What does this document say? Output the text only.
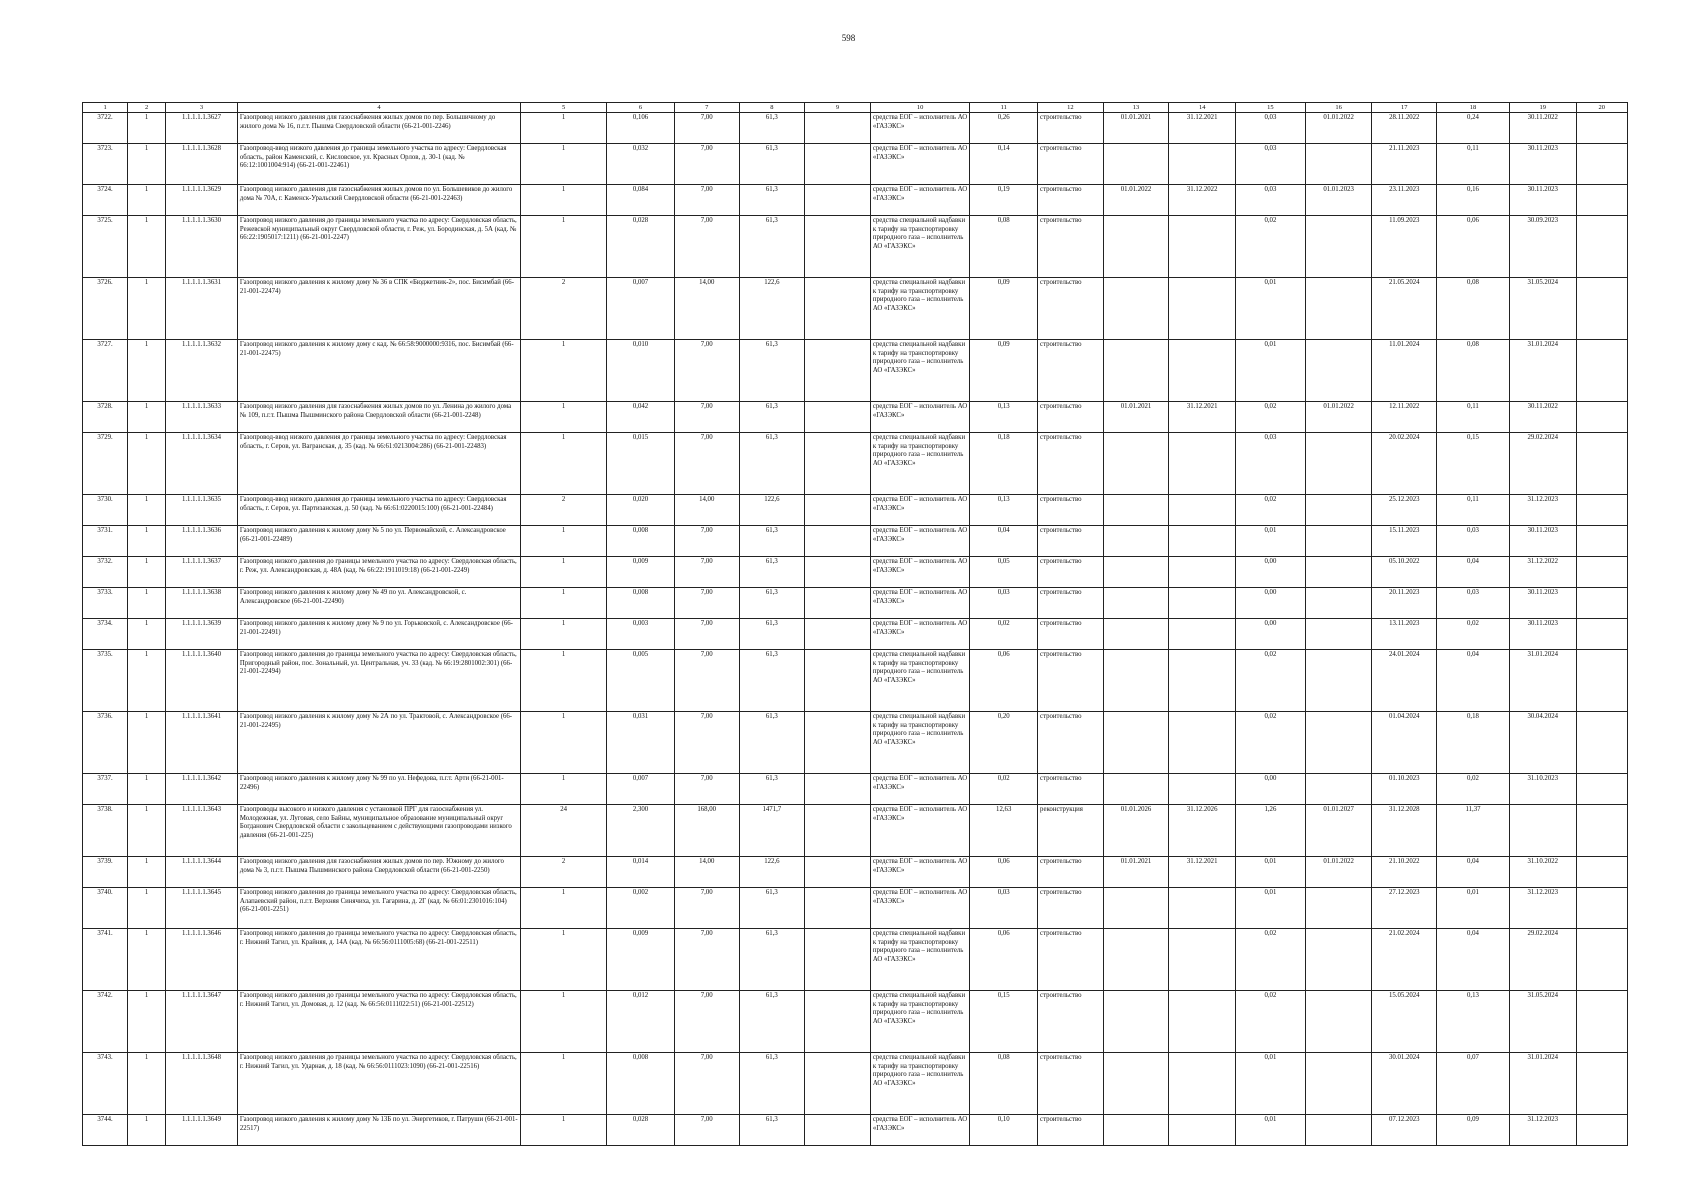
598
1	2	3	4	5	6	7	8	9	10	11	12	13	14	15	16	17	18	19	20
3722.	1	1.1.1.1.1.3627	Газопровод низкого давления для газоснабжения жилых домов по пер. Большичному до жилого дома № 16, п.г.т. Пышма Свердловской области (66-21-001-2246)	1	0,106	7,00	61,3		средства ЕОГ – исполнитель АО «ГАЗЭКС»	0,26	строительство	01.01.2021	31.12.2021	0,03	01.01.2022	28.11.2022	0,24	30.11.2022	
3723.	1	1.1.1.1.1.3628	Газопровод-ввод низкого давления до границы земельного участка по адресу: Свердловская область, район Каменский, с. Кисловское, ул. Красных Орлов, д. 30-1 (кад. № 66:12:1001004:914) (66-21-001-22461)	1	0,032	7,00	61,3		средства ЕОГ – исполнитель АО «ГАЗЭКС»	0,14	строительство			0,03		21.11.2023	0,11	30.11.2023	
3724.	1	1.1.1.1.1.3629	Газопровод низкого давления для газоснабжения жилых домов по ул. Большевиков до жилого дома № 70А, г. Каменск-Уральский Свердловской области (66-21-001-22463)	1	0,084	7,00	61,3		средства ЕОГ – исполнитель АО «ГАЗЭКС»	0,19	строительство	01.01.2022	31.12.2022	0,03	01.01.2023	23.11.2023	0,16	30.11.2023	
3725.	1	1.1.1.1.1.3630	Газопровод низкого давления до границы земельного участка по адресу: Свердловская область, Режевской муниципальный округ Свердловской области, г. Реж, ул. Бородинская, д. 5А (кад. № 66:22:1905017:1211) (66-21-001-2247)	1	0,028	7,00	61,3		средства специальной надбавки к тарифу на транспортировку природного газа – исполнитель АО «ГАЗЭКС»	0,08	строительство			0,02		11.09.2023	0,06	30.09.2023	
3726.	1	1.1.1.1.1.3631	Газопровод низкого давления к жилому дому № 36 в СПК «Бюджетник-2», пос. Бисимбай (66-21-001-22474)	2	0,007	14,00	122,6		средства специальной надбавки к тарифу на транспортировку природного газа – исполнитель АО «ГАЗЭКС»	0,09	строительство			0,01		21.05.2024	0,08	31.05.2024	
3727.	1	1.1.1.1.1.3632	Газопровод низкого давления к жилому дому с кад. № 66:58:9000000:9316, пос. Бисимбай (66-21-001-22475)	1	0,010	7,00	61,3		средства специальной надбавки к тарифу на транспортировку природного газа – исполнитель АО «ГАЗЭКС»	0,09	строительство			0,01		11.01.2024	0,08	31.01.2024	
3728.	1	1.1.1.1.1.3633	Газопровод низкого давления для газоснабжения жилых домов по ул. Ленина до жилого дома № 109, п.г.т. Пышма Пышминского района Свердловской области (66-21-001-2248)	1	0,042	7,00	61,3		средства ЕОГ – исполнитель АО «ГАЗЭКС»	0,13	строительство	01.01.2021	31.12.2021	0,02	01.01.2022	12.11.2022	0,11	30.11.2022	
3729.	1	1.1.1.1.1.3634	Газопровод-ввод низкого давления до границы земельного участка по адресу: Свердловская область, г. Серов, ул. Вагранская, д. 35 (кад. № 66:61:0213004:286) (66-21-001-22483)	1	0,015	7,00	61,3		средства специальной надбавки к тарифу на транспортировку природного газа – исполнитель АО «ГАЗЭКС»	0,18	строительство			0,03		20.02.2024	0,15	29.02.2024	
3730.	1	1.1.1.1.1.3635	Газопровод-ввод низкого давления до границы земельного участка по адресу: Свердловская область, г. Серов, ул. Партизанская, д. 50 (кад. № 66:61:0220015:100) (66-21-001-22484)	2	0,020	14,00	122,6		средства ЕОГ – исполнитель АО «ГАЗЭКС»	0,13	строительство			0,02		25.12.2023	0,11	31.12.2023	
3731.	1	1.1.1.1.1.3636	Газопровод низкого давления к жилому дому № 5 по ул. Первомайской, с. Александровское (66-21-001-22489)	1	0,008	7,00	61,3		средства ЕОГ – исполнитель АО «ГАЗЭКС»	0,04	строительство			0,01		15.11.2023	0,03	30.11.2023	
3732.	1	1.1.1.1.1.3637	Газопровод низкого давления до границы земельного участка по адресу: Свердловская область, г. Реж, ул. Александровская, д. 48А (кад. № 66:22:1911019:18) (66-21-001-2249)	1	0,009	7,00	61,3		средства ЕОГ – исполнитель АО «ГАЗЭКС»	0,05	строительство			0,00		05.10.2022	0,04	31.12.2022	
3733.	1	1.1.1.1.1.3638	Газопровод низкого давления к жилому дому № 49 по ул. Александровской, с. Александровское (66-21-001-22490)	1	0,008	7,00	61,3		средства ЕОГ – исполнитель АО «ГАЗЭКС»	0,03	строительство			0,00		20.11.2023	0,03	30.11.2023	
3734.	1	1.1.1.1.1.3639	Газопровод низкого давления к жилому дому № 9 по ул. Горьковской, с. Александровское (66-21-001-22491)	1	0,003	7,00	61,3		средства ЕОГ – исполнитель АО «ГАЗЭКС»	0,02	строительство			0,00		13.11.2023	0,02	30.11.2023	
3735.	1	1.1.1.1.1.3640	Газопровод низкого давления до границы земельного участка по адресу: Свердловская область, Пригородный район, пос. Зональный, ул. Центральная, уч. 33 (кад. № 66:19:2801002:301) (66-21-001-22494)	1	0,005	7,00	61,3		средства специальной надбавки к тарифу на транспортировку природного газа – исполнитель АО «ГАЗЭКС»	0,06	строительство			0,02		24.01.2024	0,04	31.01.2024	
3736.	1	1.1.1.1.1.3641	Газопровод низкого давления к жилому дому № 2А по ул. Трактовой, с. Александровское (66-21-001-22495)	1	0,031	7,00	61,3		средства специальной надбавки к тарифу на транспортировку природного газа – исполнитель АО «ГАЗЭКС»	0,20	строительство			0,02		01.04.2024	0,18	30.04.2024	
3737.	1	1.1.1.1.1.3642	Газопровод низкого давления к жилому дому № 99 по ул. Нефедова, п.г.т. Арти (66-21-001-22496)	1	0,007	7,00	61,3		средства ЕОГ – исполнитель АО «ГАЗЭКС»	0,02	строительство			0,00		01.10.2023	0,02	31.10.2023	
3738.	1	1.1.1.1.1.3643	Газопроводы высокого и низкого давления с установкой ПРГ для газоснабжения ул. Молодежная, ул. Луговая, село Байны, муниципальное образование муниципальный округ Богданович Свердловской области с закольцеванием с действующими газопроводами низкого давления (66-21-001-225)	24	2,300	168,00	1471,7		средства ЕОГ – исполнитель АО «ГАЗЭКС»	12,63	реконструкция	01.01.2026	31.12.2026	1,26	01.01.2027	31.12.2028	11,37		
3739.	1	1.1.1.1.1.3644	Газопровод низкого давления для газоснабжения жилых домов по пер. Южному до жилого дома № 3, п.г.т. Пышма Пышминского района Свердловской области (66-21-001-2250)	2	0,014	14,00	122,6		средства ЕОГ – исполнитель АО «ГАЗЭКС»	0,06	строительство	01.01.2021	31.12.2021	0,01	01.01.2022	21.10.2022	0,04	31.10.2022	
3740.	1	1.1.1.1.1.3645	Газопровод низкого давления до границы земельного участка по адресу: Свердловская область, Алапаевский район, п.г.т. Верхняя Синячиха, ул. Гагарина, д. 2Г (кад. № 66:01:2301016:104) (66-21-001-2251)	1	0,002	7,00	61,3		средства ЕОГ – исполнитель АО «ГАЗЭКС»	0,03	строительство			0,01		27.12.2023	0,01	31.12.2023	
3741.	1	1.1.1.1.1.3646	Газопровод низкого давления до границы земельного участка по адресу: Свердловская область, г. Нижний Тагил, ул. Крайняя, д. 14А (кад. № 66:56:0111005:68) (66-21-001-22511)	1	0,009	7,00	61,3		средства специальной надбавки к тарифу на транспортировку природного газа – исполнитель АО «ГАЗЭКС»	0,06	строительство			0,02		21.02.2024	0,04	29.02.2024	
3742.	1	1.1.1.1.1.3647	Газопровод низкого давления до границы земельного участка по адресу: Свердловская область, г. Нижний Тагил, ул. Домовая, д. 12 (кад. № 66:56:0111022:51) (66-21-001-22512)	1	0,012	7,00	61,3		средства специальной надбавки к тарифу на транспортировку природного газа – исполнитель АО «ГАЗЭКС»	0,15	строительство			0,02		15.05.2024	0,13	31.05.2024	
3743.	1	1.1.1.1.1.3648	Газопровод низкого давления до границы земельного участка по адресу: Свердловская область, г. Нижний Тагил, ул. Ударная, д. 18 (кад. № 66:56:0111023:1090) (66-21-001-22516)	1	0,008	7,00	61,3		средства специальной надбавки к тарифу на транспортировку природного газа – исполнитель АО «ГАЗЭКС»	0,08	строительство			0,01		30.01.2024	0,07	31.01.2024	
3744.	1	1.1.1.1.1.3649	Газопровод низкого давления к жилому дому № 13Б по ул. Энергетиков, г. Патруши (66-21-001-22517)	1	0,028	7,00	61,3		средства ЕОГ – исполнитель АО «ГАЗЭКС»	0,10	строительство			0,01		07.12.2023	0,09	31.12.2023	
